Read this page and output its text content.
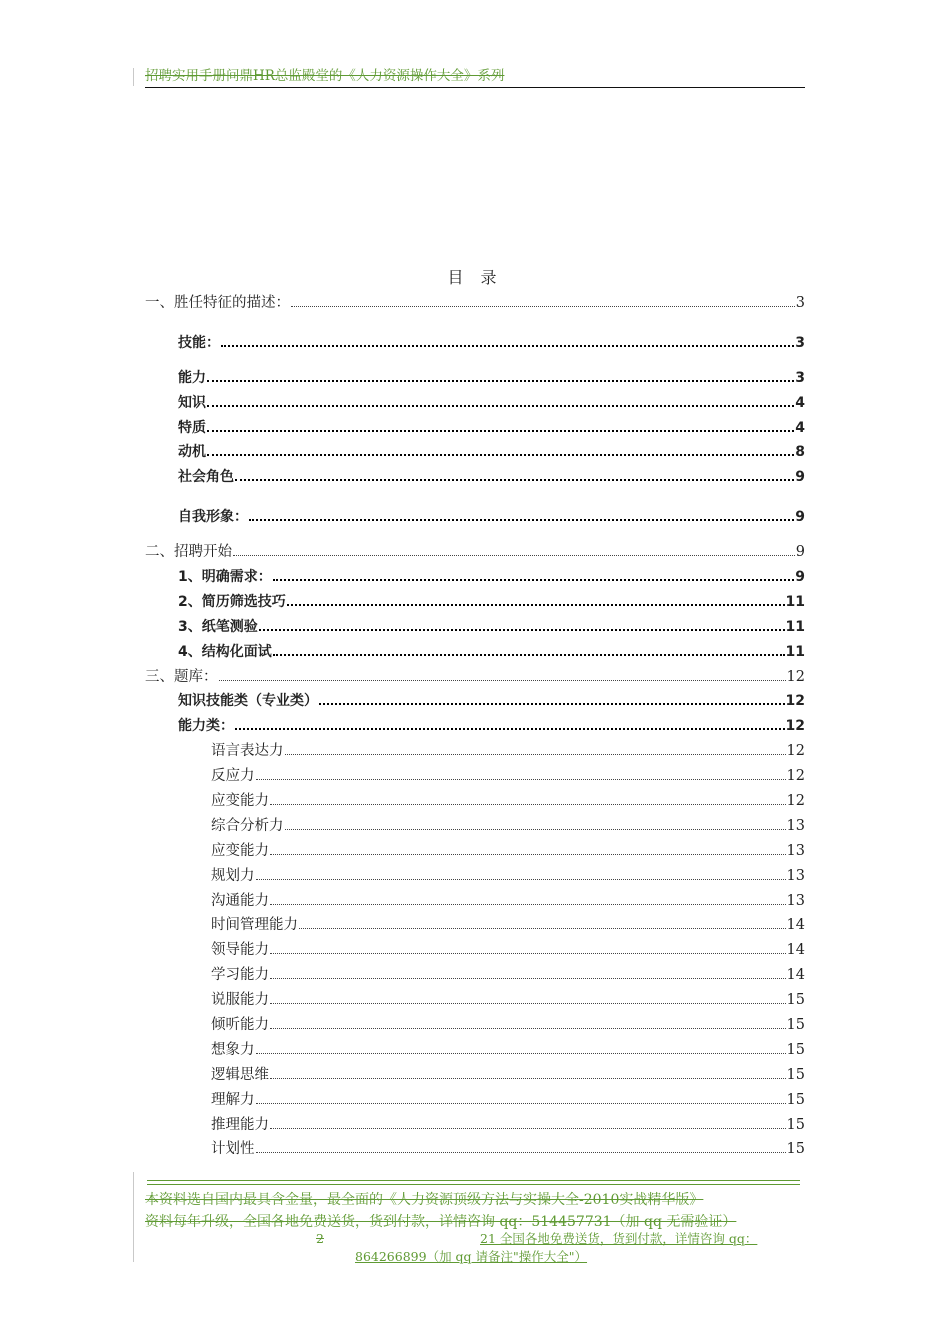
招聘实用手册问鼎HR总监殿堂的《人力资源操作大全》系列
目 录
一、胜任特征的描述：	3
技能：	3
能力	3
知识	4
特质	4
动机	8
社会角色	9
自我形象：	9
二、招聘开始	9
1、明确需求：	9
2、简历筛选技巧	11
3、纸笔测验	11
4、结构化面试	11
三、题库：	12
知识技能类（专业类）	12
能力类：	12
语言表达力	12
反应力	12
应变能力	12
综合分析力	13
应变能力	13
规划力	13
沟通能力	13
时间管理能力	14
领导能力	14
学习能力	14
说服能力	15
倾听能力	15
想象力	15
逻辑思维	15
理解力	15
推理能力	15
计划性	15
本资料选自国内最具含金量，最全面的《人力资源顶级方法与实操大全-2010实战精华版》
资料每年升级，全国各地免费送货，货到付款，详情咨询 qq：514457731（加 qq 无需验证）
2	21 全国各地免费送货，货到付款，详情咨询 qq：
864266899（加 qq 请备注"操作大全"）
